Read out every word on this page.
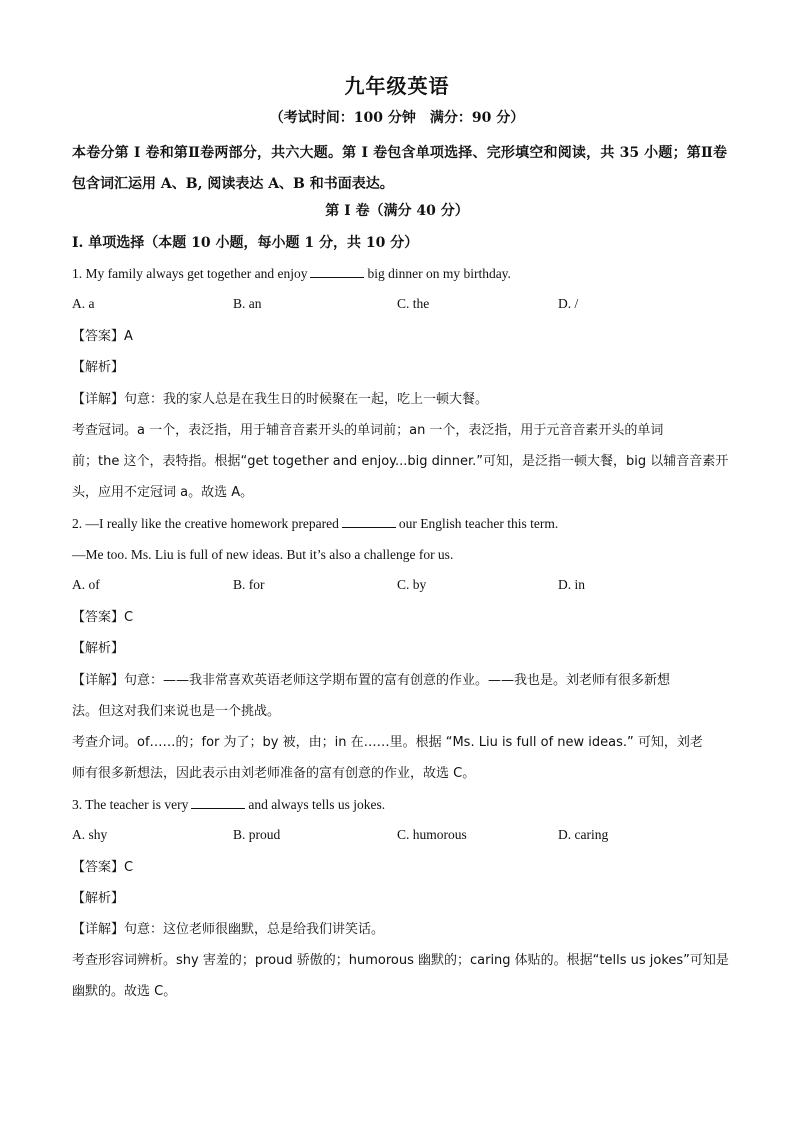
九年级英语
（考试时间：100 分钟　满分：90 分）
本卷分第 I 卷和第Ⅱ卷两部分，共六大题。第 I 卷包含单项选择、完形填空和阅读，共 35 小题；第Ⅱ卷包含词汇运用 A、B, 阅读表达 A、B 和书面表达。
第 I 卷（满分 40 分）
I. 单项选择（本题 10 小题，每小题 1 分，共 10 分）
1. My family always get together and enjoy	big dinner on my birthday.
A. a	B. an	C. the	D. /
【答案】A
【解析】
【详解】句意：我的家人总是在我生日的时候聚在一起，吃上一顿大餐。
考查冠词。a 一个，表泛指，用于辅音音素开头的单词前；an 一个，表泛指，用于元音音素开头的单词
前；the 这个，表特指。根据“get together and enjoy...big dinner.”可知，是泛指一顿大餐，big 以辅音音素开
头，应用不定冠词 a。故选 A。
2. —I really like the creative homework prepared	our English teacher this term.
—Me too. Ms. Liu is full of new ideas. But it’s also a challenge for us.
A. of	B. for	C. by	D. in
【答案】C
【解析】
【详解】句意：——我非常喜欢英语老师这学期布置的富有创意的作业。——我也是。刘老师有很多新想
法。但这对我们来说也是一个挑战。
考查介词。of……的；for 为了；by 被，由；in 在……里。根据 “Ms. Liu is full of new ideas.” 可知，刘老
师有很多新想法，因此表示由刘老师准备的富有创意的作业，故选 C。
3. The teacher is very	and always tells us jokes.
A. shy	B. proud	C. humorous	D. caring
【答案】C
【解析】
【详解】句意：这位老师很幽默，总是给我们讲笑话。
考查形容词辨析。shy 害羞的；proud 骄傲的；humorous 幽默的；caring 体贴的。根据“tells us jokes”可知是
幽默的。故选 C。
